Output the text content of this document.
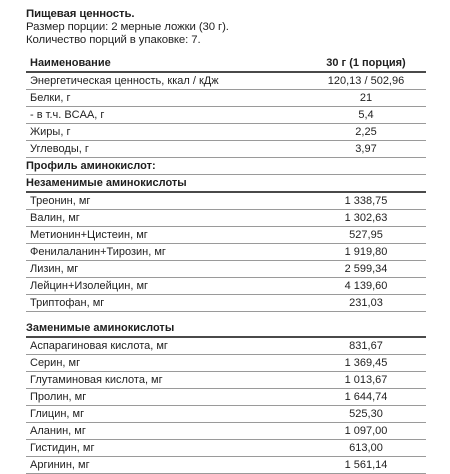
Пищевая ценность.
Размер порции: 2 мерные ложки (30 г).
Количество порций в упаковке: 7.
Наименование	30 г (1 порция)
Энергетическая ценность, ккал / кДж	120,13 / 502,96
Белки, г	21
- в т.ч. BCAA, г	5,4
Жиры, г	2,25
Углеводы, г	3,97
Профиль аминокислот:	
Незаменимые аминокислоты	
Треонин, мг	1 338,75
Валин, мг	1 302,63
Метионин+Цистеин, мг	527,95
Фенилаланин+Тирозин, мг	1 919,80
Лизин, мг	2 599,34
Лейцин+Изолейцин, мг	4 139,60
Триптофан, мг	231,03

Заменимые аминокислоты	
Аспарагиновая кислота, мг	831,67
Серин, мг	1 369,45
Глутаминовая кислота, мг	1 013,67
Пролин, мг	1 644,74
Глицин, мг	525,30
Аланин, мг	1 097,00
Гистидин, мг	613,00
Аргинин, мг	1 561,14
